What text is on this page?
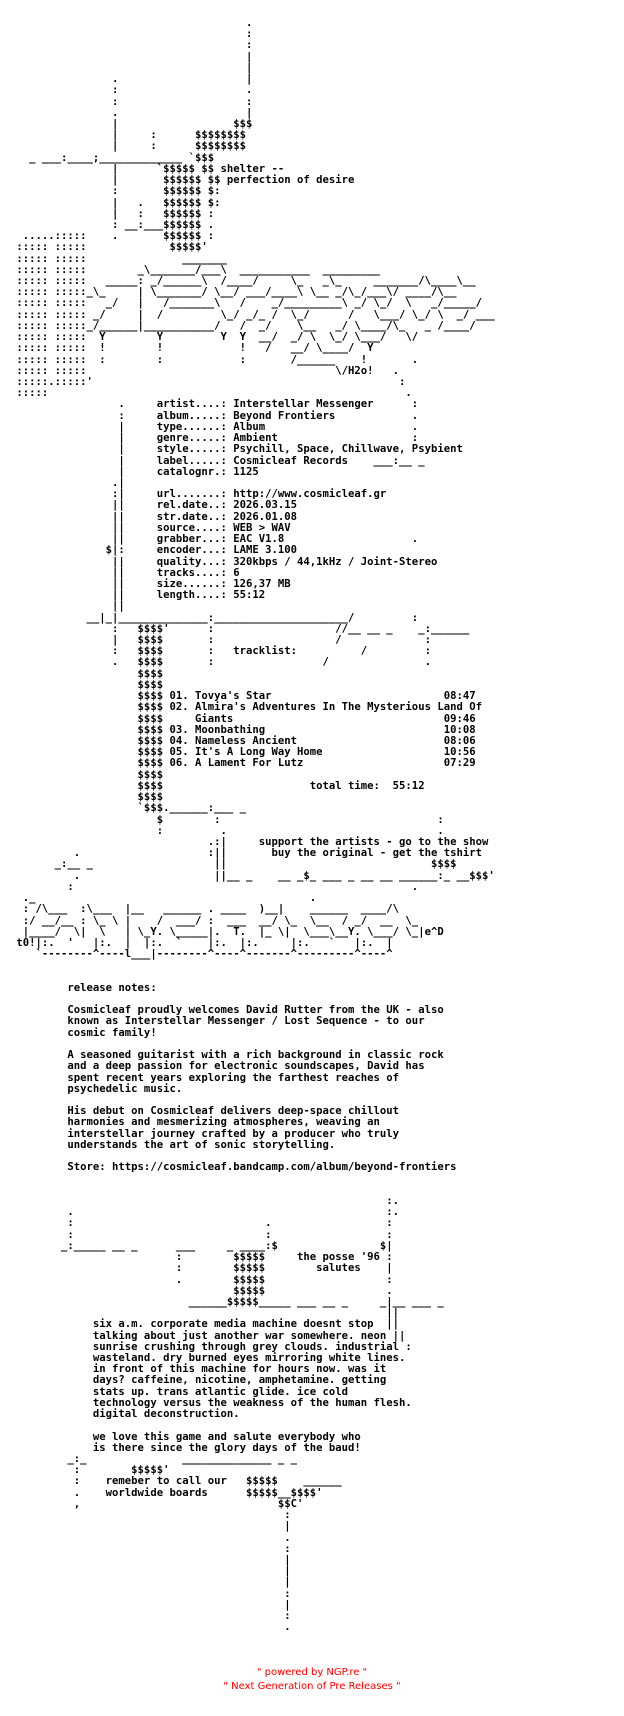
.
:
:
|
|
.                    |
:                    .
:                    :
.                    |
|                  $$$
|     :      $$$$$$$$
|     :      $$$$$$$$
_ ___:____;_____________ `$$$
|      `$$$$$ $$ shelter --
|       $$$$$$ $$ perfection of desire
:       $$$$$$ $:
|   .   $$$$$$ $:
|   :   $$$$$$ :
: __:___$$$$$$ .
.....:::::    .       $$$$$$ :
::::: :::::             $$$$$'
::::: :::::               _______
::::: :::::        _\_______/___\  ___________  _________
::::: :::::   _____: _/______\  /____/     \_   _\_     _______/\____\__
::::: :::::_\_     | \_______/ \__/ ___/____\ \__ _/\_/___\/ ____/\__
::::: :::::   _/   |   /_______\   /    _/_________\ _/ \_/  \   _/_____/
::::: ::::: _/     |  /         \_/ _/_ /  \_/      /   \___/ \_/ \  _/ ___
::::: :::::_/______|___________/   /  _/    \__   _/ \____/\_   _ /____/
::::: :::::  Y        Y         Y  Y  __/  _/ \  \_/ \___/   \/
::::: :::::  !        !            !   /   __/ \____/  Y
::::: :::::  :        :            :       /______    !       .
::::: :::::                                       \/H2o!   .
:::::.:::::'                                                :
:::::                                                        .
.     artist....: Interstellar Messenger      :
:     album.....: Beyond Frontiers            .
|     type......: Album                       .
|     genre.....: Ambient                     :
|     style.....: Psychill, Space, Chillwave, Psybient
|     label.....: Cosmicleaf Records    ___:__ _
|     catalognr.: 1125
.|
:|     url.......: http://www.cosmicleaf.gr
||     rel.date..: 2026.03.15
||     str.date..: 2026.01.08
||     source....: WEB > WAV
||     grabber...: EAC V1.8                    .
$|:     encoder...: LAME 3.100
||     quality...: 320kbps / 44,1kHz / Joint-Stereo
||     tracks....: 6
||     size......: 126,37 MB
||     length....: 55:12
||
__|_|______________:_____________________/         :
:   $$$$'      :                   //__ __ _    _:______
|   $$$$       :                   /             :
:   $$$$       :   tracklist:          /         :
.   $$$$       :                 /               .
$$$$
$$$$
$$$$ 01. Tovya's Star                           08:47
$$$$ 02. Almira's Adventures In The Mysterious Land Of
$$$$     Giants                                 09:46
$$$$ 03. Moonbathing                            10:08
$$$$ 04. Nameless Ancient                       08:06
$$$$ 05. It's A Long Way Home                   10:56
$$$$ 06. A Lament For Lutz                      07:29
$$$$
$$$$                       total time:  55:12
$$$$
`$$$.______:___ _
$        :                                  :
:         .                                 .
.:|     support the artists - go to the show
.                    :||       buy the original - get the tshirt
_:__ _                   ||                                $$$$
.                     ||__ _    __ _$_ ___ _ __ __ ______:_ __$$$'
:                                                     .
._                                           .
: /\___  :\___  |__   ______ . ____  )__|    ______  ____/\
:/ __/__ : \_ \ |    /  ___/ :  ___  __/ \_  \__  / _/  __  \_
|____/  \|  \   | \_Y. \_____|.  T.  |_ \|  \___\__Y. \___/ \_|e^D
t0!|:.  '   |:.  |  |:.  `    |:.  |:.     |:.   `   |:.  |
`--------^----l___|--------^----^-------^---------^----^

release notes:

Cosmicleaf proudly welcomes David Rutter from the UK - also
known as Interstellar Messenger / Lost Sequence - to our
cosmic family!

A seasoned guitarist with a rich background in classic rock
and a deep passion for electronic soundscapes, David has
spent recent years exploring the farthest reaches of
psychedelic music.

His debut on Cosmicleaf delivers deep-space chillout
harmonies and mesmerizing atmospheres, weaving an
interstellar journey crafted by a producer who truly
understands the art of sonic storytelling.

Store: https://cosmicleaf.bandcamp.com/album/beyond-frontiers

:.
.                                                 :.
:                              .                  :
:                              :                  :
_:_____ __ _      ___     _ ____:$                $|
:        $$$$$     the posse '96 :
:        $$$$$        salutes    |
.        $$$$$                   :
$$$$$                   .
______$$$$$_____ ___ __ _     _|__ ___ _
||
six a.m. corporate media machine doesnt stop  ||
talking about just another war somewhere. neon ||
sunrise crushing through grey clouds. industrial :
wasteland. dry burned eyes mirroring white lines.
in front of this machine for hours now. was it
days? caffeine, nicotine, amphetamine. getting
stats up. trans atlantic glide. ice cold
technology versus the weakness of the human flesh.
digital deconstruction.

we love this game and salute everybody who
is there since the glory days of the baud!
_:_               ______________ _ _
:        $$$$$'
:    remeber to call our   $$$$$    ______
.    worldwide boards      $$$$$__$$$$'
,                               $$C'
:
|
.
:
|
|
|
:
|
:
.
" powered by NGP.re "
" Next Generation of Pre Releases "
